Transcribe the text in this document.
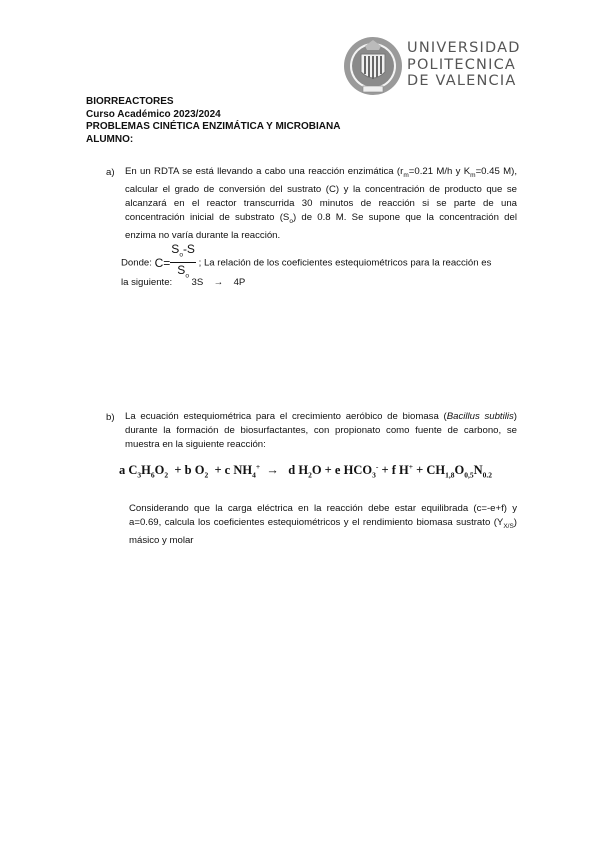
UNIVERSIDAD
POLITECNICA
DE VALENCIA
BIORREACTORES
Curso Académico 2023/2024
PROBLEMAS CINÉTICA ENZIMÁTICA Y MICROBIANA
ALUMNO:
a) En un RDTA se está llevando a cabo una reacción enzimática ($r_m=0.21$ M/h y $K_m=0.45$ M), calcular el grado de conversión del sustrato (C) y la concentración de producto que se alcanzará en el reactor transcurrida 30 minutos de reacción si se parte de una concentración inicial de substrato $(S_o)$ de 0.8 M. Se supone que la concentración del enzima no varía durante la reacción.
Donde: $C= \frac{S_o-S}{S_o}$ ; La relación de los coeficientes estequiométricos para la reacción es
la siguiente: 3S → 4P
b) La ecuación estequiométrica para el crecimiento aeróbico de biomasa (Bacillus subtilis) durante la formación de biosurfactantes, con propionato como fuente de carbono, se muestra en la siguiente reacción:
a $C_3H_6O_2 + b$ $O_2 + c$ $NH_4^+ \to d$ $H_2O + e$ $HCO_3^- + f$ $H^+ + CH_{1,8}O_{0,5}N_{0.2}$
Considerando que la carga eléctrica en la reacción debe estar equilibrada (c=-e+f) y a=0.69, calcula los coeficientes estequiométricos y el rendimiento biomasa sustrato $(Y_{X/S})$ másico y molar
